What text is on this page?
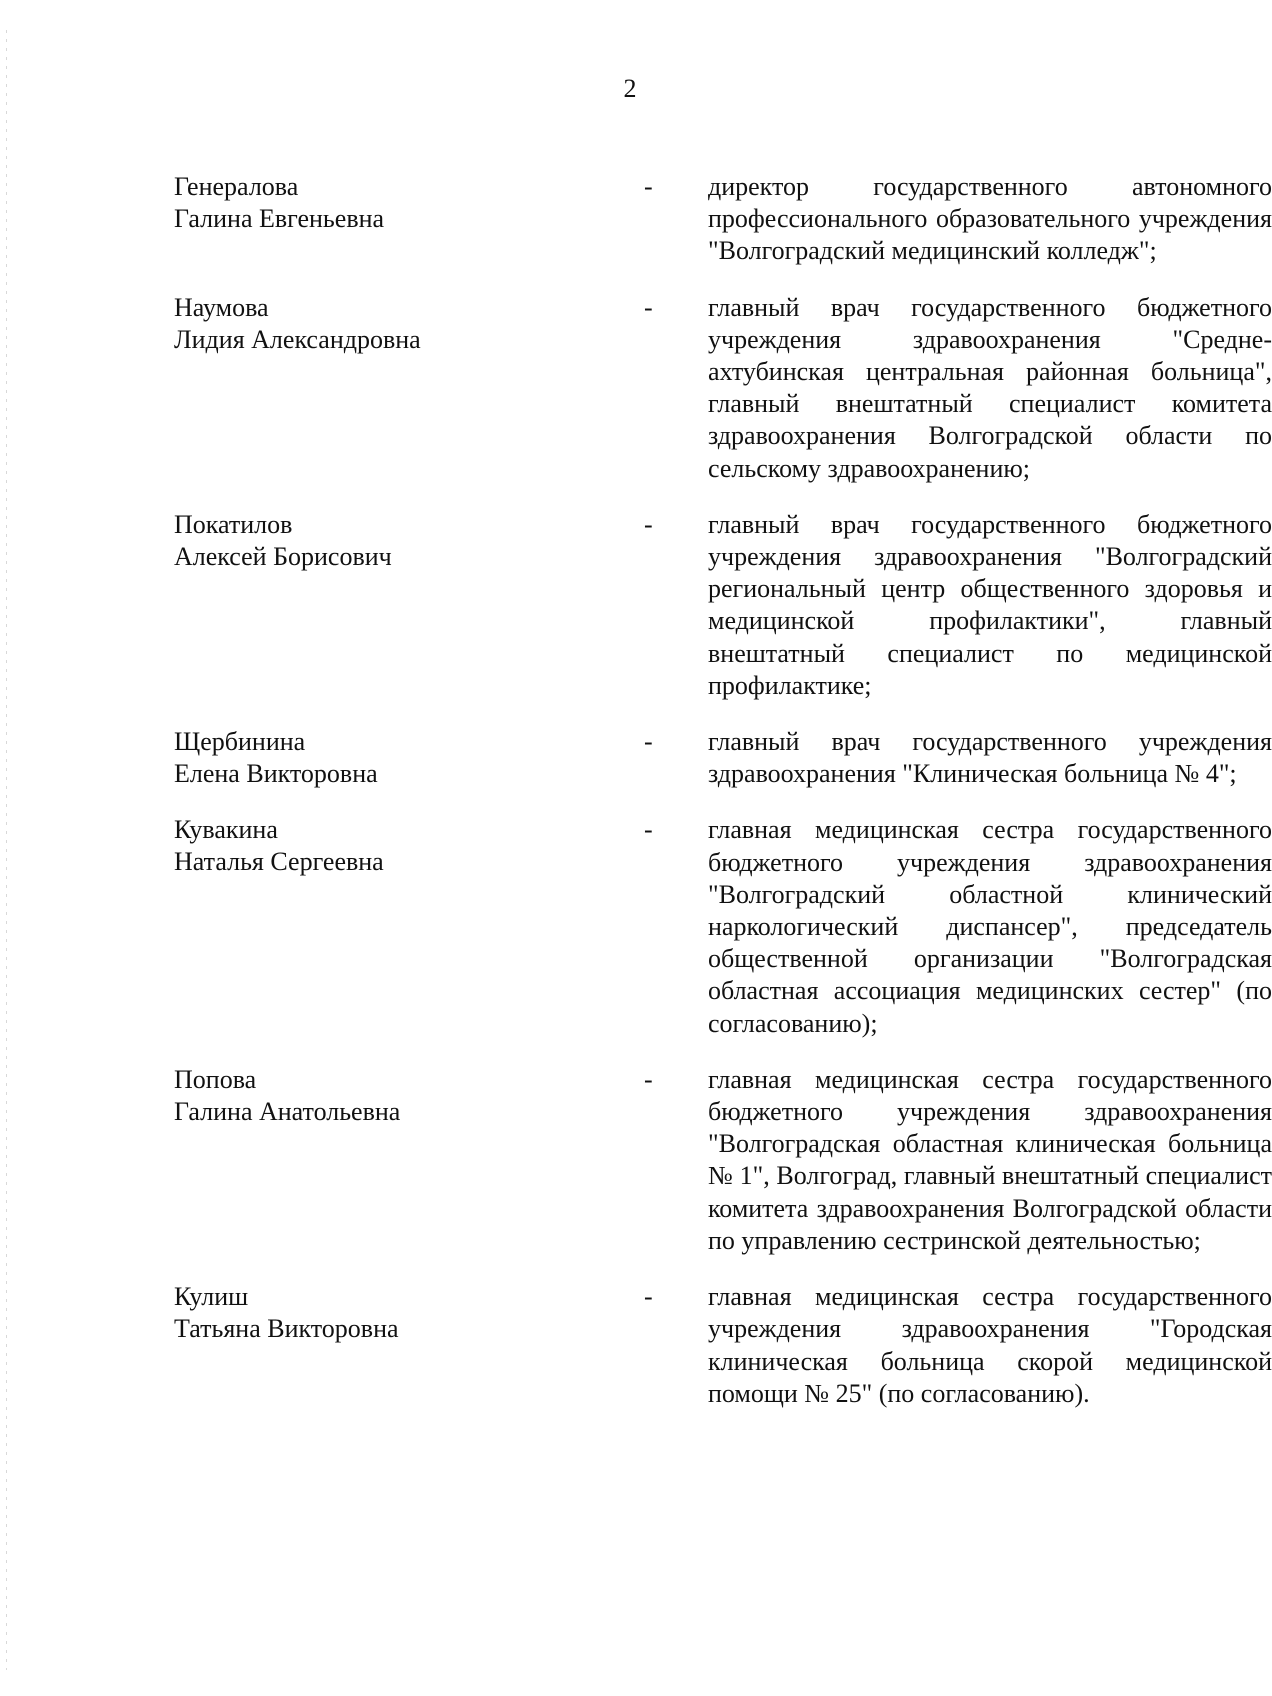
2
Генералова
Галина Евгеньевна
-	директор государственного автономного профессионального образовательного учреждения "Волгоградский медицинский колледж";
Наумова
Лидия Александровна
-	главный врач государственного бюджетного учреждения здравоохранения "Средне-ахтубинская центральная районная больница", главный внештатный специалист комитета здравоохранения Волгоградской области по сельскому здравоохранению;
Покатилов
Алексей Борисович
-	главный врач государственного бюджетного учреждения здравоохранения "Волгоградский региональный центр общественного здоровья и медицинской профилактики", главный внештатный специалист по медицинской профилактике;
Щербинина
Елена Викторовна
-	главный врач государственного учреждения здравоохранения "Клиническая больница № 4";
Кувакина
Наталья Сергеевна
-	главная медицинская сестра государственного бюджетного учреждения здравоохранения "Волгоградский областной клинический наркологический диспансер", председатель общественной организации "Волгоградская областная ассоциация медицинских сестер" (по согласованию);
Попова
Галина Анатольевна
-	главная медицинская сестра государственного бюджетного учреждения здравоохранения "Волгоградская областная клиническая больница № 1", Волгоград, главный внештатный специалист комитета здравоохранения Волгоградской области по управлению сестринской деятельностью;
Кулиш
Татьяна Викторовна
-	главная медицинская сестра государственного учреждения здравоохранения "Городская клиническая больница скорой медицинской помощи № 25" (по согласованию).
